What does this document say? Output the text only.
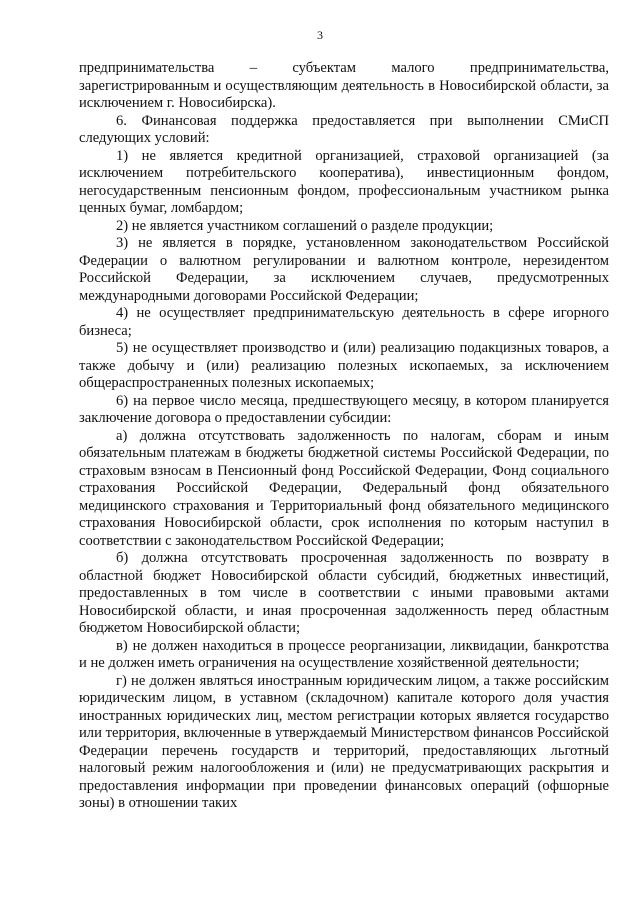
3

предпринимательства – субъектам малого предпринимательства, зарегистрированным и осуществляющим деятельность в Новосибирской области, за исключением г. Новосибирска).

6. Финансовая поддержка предоставляется при выполнении СМиСП следующих условий:

1) не является кредитной организацией, страховой организацией (за исключением потребительского кооператива), инвестиционным фондом, негосударственным пенсионным фондом, профессиональным участником рынка ценных бумаг, ломбардом;

2) не является участником соглашений о разделе продукции;

3) не является в порядке, установленном законодательством Российской Федерации о валютном регулировании и валютном контроле, нерезидентом Российской Федерации, за исключением случаев, предусмотренных международными договорами Российской Федерации;

4) не осуществляет предпринимательскую деятельность в сфере игорного бизнеса;

5) не осуществляет производство и (или) реализацию подакцизных товаров, а также добычу и (или) реализацию полезных ископаемых, за исключением общераспространенных полезных ископаемых;

6) на первое число месяца, предшествующего месяцу, в котором планируется заключение договора о предоставлении субсидии:

а) должна отсутствовать задолженность по налогам, сборам и иным обязательным платежам в бюджеты бюджетной системы Российской Федерации, по страховым взносам в Пенсионный фонд Российской Федерации, Фонд социального страхования Российской Федерации, Федеральный фонд обязательного медицинского страхования и Территориальный фонд обязательного медицинского страхования Новосибирской области, срок исполнения по которым наступил в соответствии с законодательством Российской Федерации;

б) должна отсутствовать просроченная задолженность по возврату в областной бюджет Новосибирской области субсидий, бюджетных инвестиций, предоставленных в том числе в соответствии с иными правовыми актами Новосибирской области, и иная просроченная задолженность перед областным бюджетом Новосибирской области;

в) не должен находиться в процессе реорганизации, ликвидации, банкротства и не должен иметь ограничения на осуществление хозяйственной деятельности;

г) не должен являться иностранным юридическим лицом, а также российским юридическим лицом, в уставном (складочном) капитале которого доля участия иностранных юридических лиц, местом регистрации которых является государство или территория, включенные в утверждаемый Министерством финансов Российской Федерации перечень государств и территорий, предоставляющих льготный налоговый режим налогообложения и (или) не предусматривающих раскрытия и предоставления информации при проведении финансовых операций (офшорные зоны) в отношении таких
